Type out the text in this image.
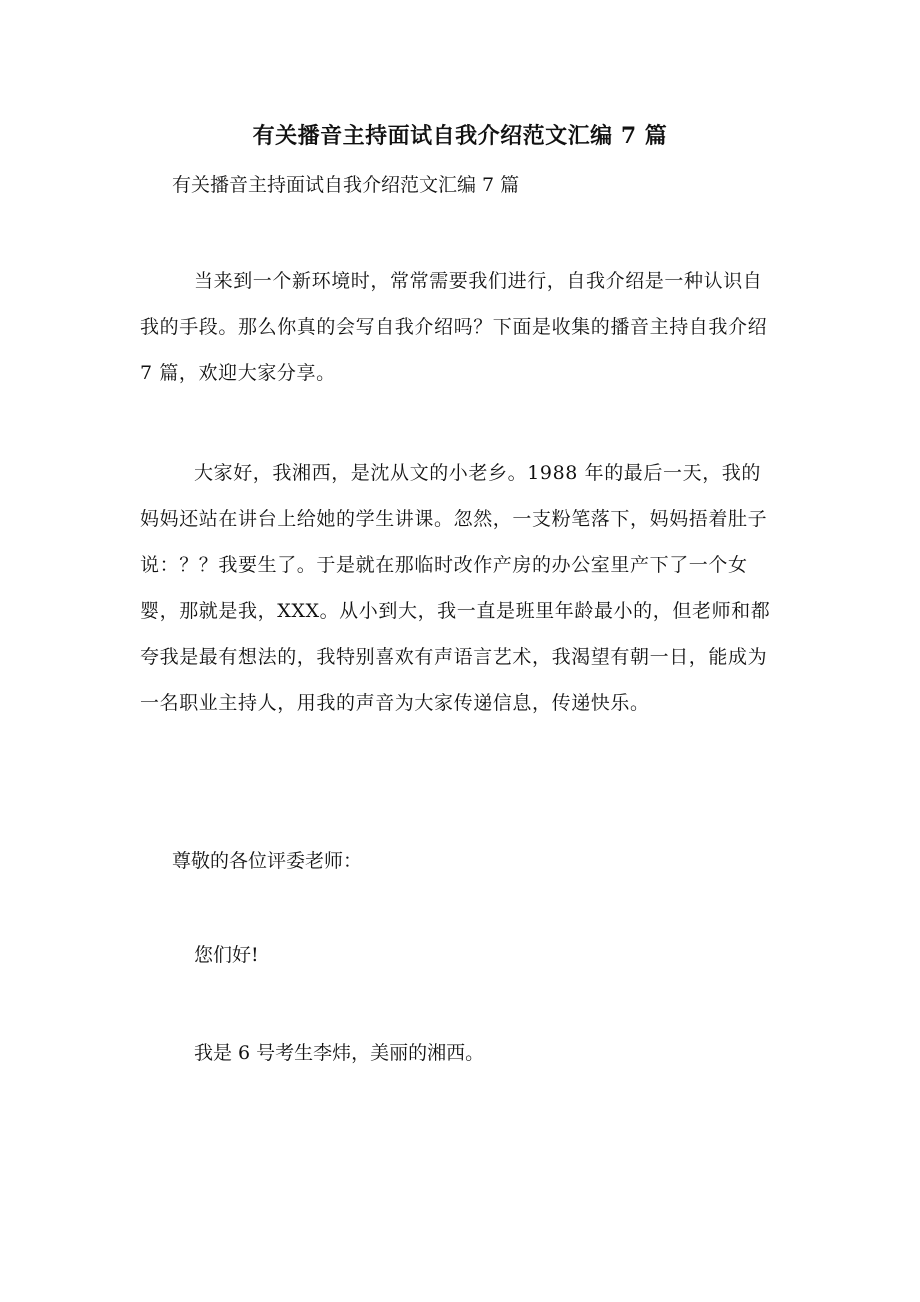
有关播音主持面试自我介绍范文汇编 7 篇
有关播音主持面试自我介绍范文汇编 7 篇

当来到一个新环境时，常常需要我们进行，自我介绍是一种认识自我的手段。那么你真的会写自我介绍吗？下面是收集的播音主持自我介绍 7 篇，欢迎大家分享。

大家好，我湘西，是沈从文的小老乡。1988 年的最后一天，我的妈妈还站在讲台上给她的学生讲课。忽然，一支粉笔落下，妈妈捂着肚子说：？？我要生了。于是就在那临时改作产房的办公室里产下了一个女婴，那就是我，XXX。从小到大，我一直是班里年龄最小的，但老师和都夸我是最有想法的，我特别喜欢有声语言艺术，我渴望有朝一日，能成为一名职业主持人，用我的声音为大家传递信息，传递快乐。

尊敬的各位评委老师：
您们好!
我是 6 号考生李炜，美丽的湘西。
